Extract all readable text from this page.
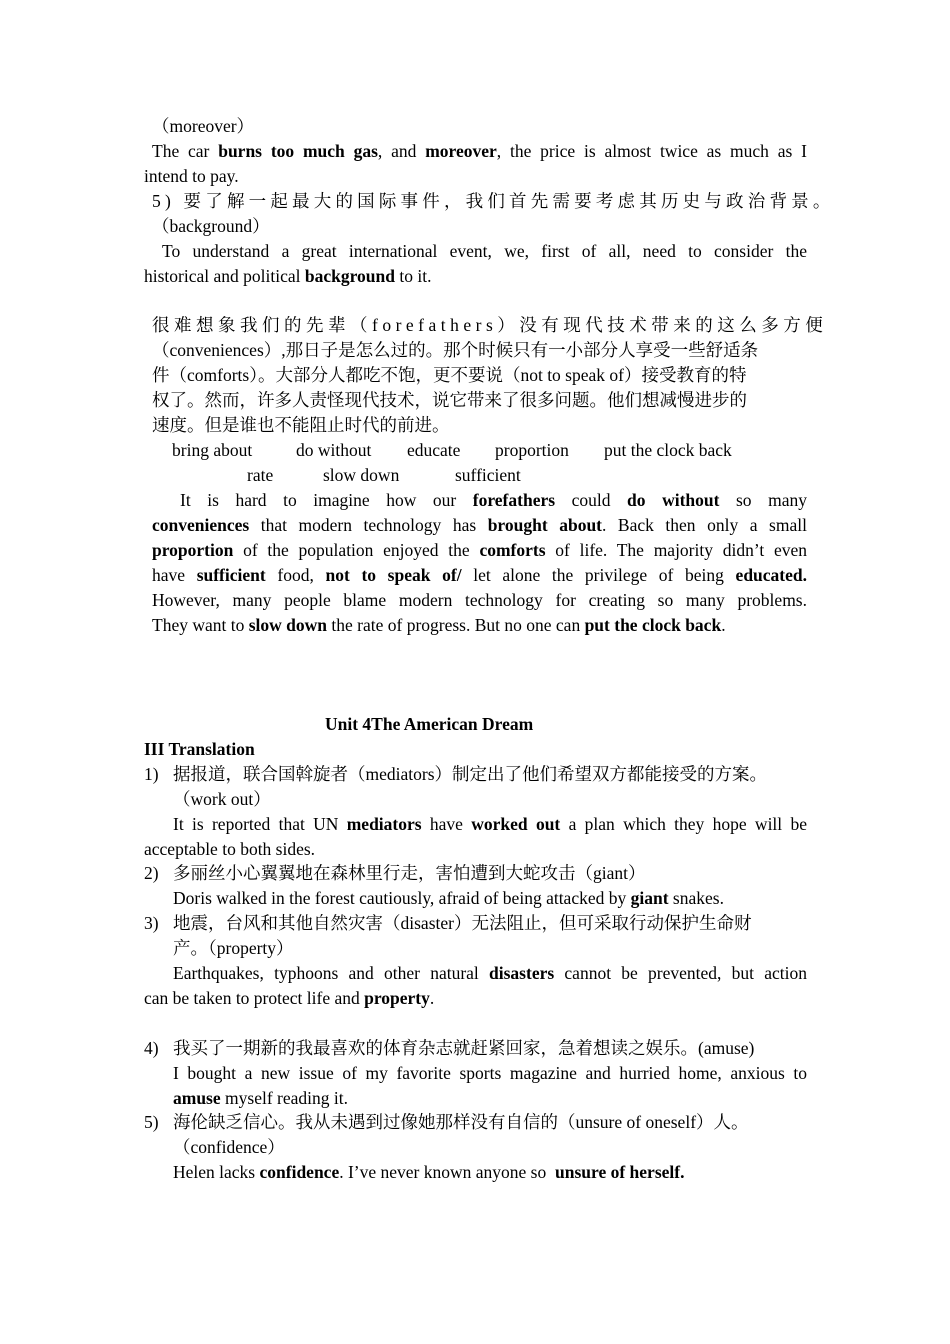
（moreover）
The car burns too much gas, and moreover, the price is almost twice as much as I
intend to pay.
5) 要了解一起最大的国际事件，我们首先需要考虑其历史与政治背景。
（background）
To understand a great international event, we, first of all, need to consider the
historical and political background to it.
很难想象我们的先辈（forefathers）没有现代技术带来的这么多方便
（conveniences）,那日子是怎么过的。那个时候只有一小部分人享受一些舒适条
件（comforts）。大部分人都吃不饱，更不要说（not to speak of）接受教育的特
权了。然而，许多人责怪现代技术，说它带来了很多问题。他们想减慢进步的
速度。但是谁也不能阻止时代的前进。
bring about	do without educate proportion put the clock back
rate	slow down	sufficient
It is hard to imagine how our forefathers could do without so many
conveniences that modern technology has brought about. Back then only a small
proportion of the population enjoyed the comforts of life. The majority didn’t even
have sufficient food, not to speak of/ let alone the privilege of being educated.
However, many people blame modern technology for creating so many problems.
They want to slow down the rate of progress. But no one can put the clock back.
Unit 4The American Dream
III Translation
1) 据报道，联合国斡旋者（mediators）制定出了他们希望双方都能接受的方案。
（work out）
It is reported that UN mediators have worked out a plan which they hope will be
acceptable to both sides.
2) 多丽丝小心翼翼地在森林里行走，害怕遭到大蛇攻击（giant）
Doris walked in the forest cautiously, afraid of being attacked by giant snakes.
3) 地震，台风和其他自然灾害（disaster）无法阻止，但可采取行动保护生命财
产。（property）
Earthquakes, typhoons and other natural disasters cannot be prevented, but action
can be taken to protect life and property.
4) 我买了一期新的我最喜欢的体育杂志就赶紧回家，急着想读之娱乐。(amuse)
I bought a new issue of my favorite sports magazine and hurried home, anxious to
amuse myself reading it.
5) 海伦缺乏信心。我从未遇到过像她那样没有自信的（unsure of oneself）人。
（confidence）
Helen lacks confidence. I’ve never known anyone so  unsure of herself.
